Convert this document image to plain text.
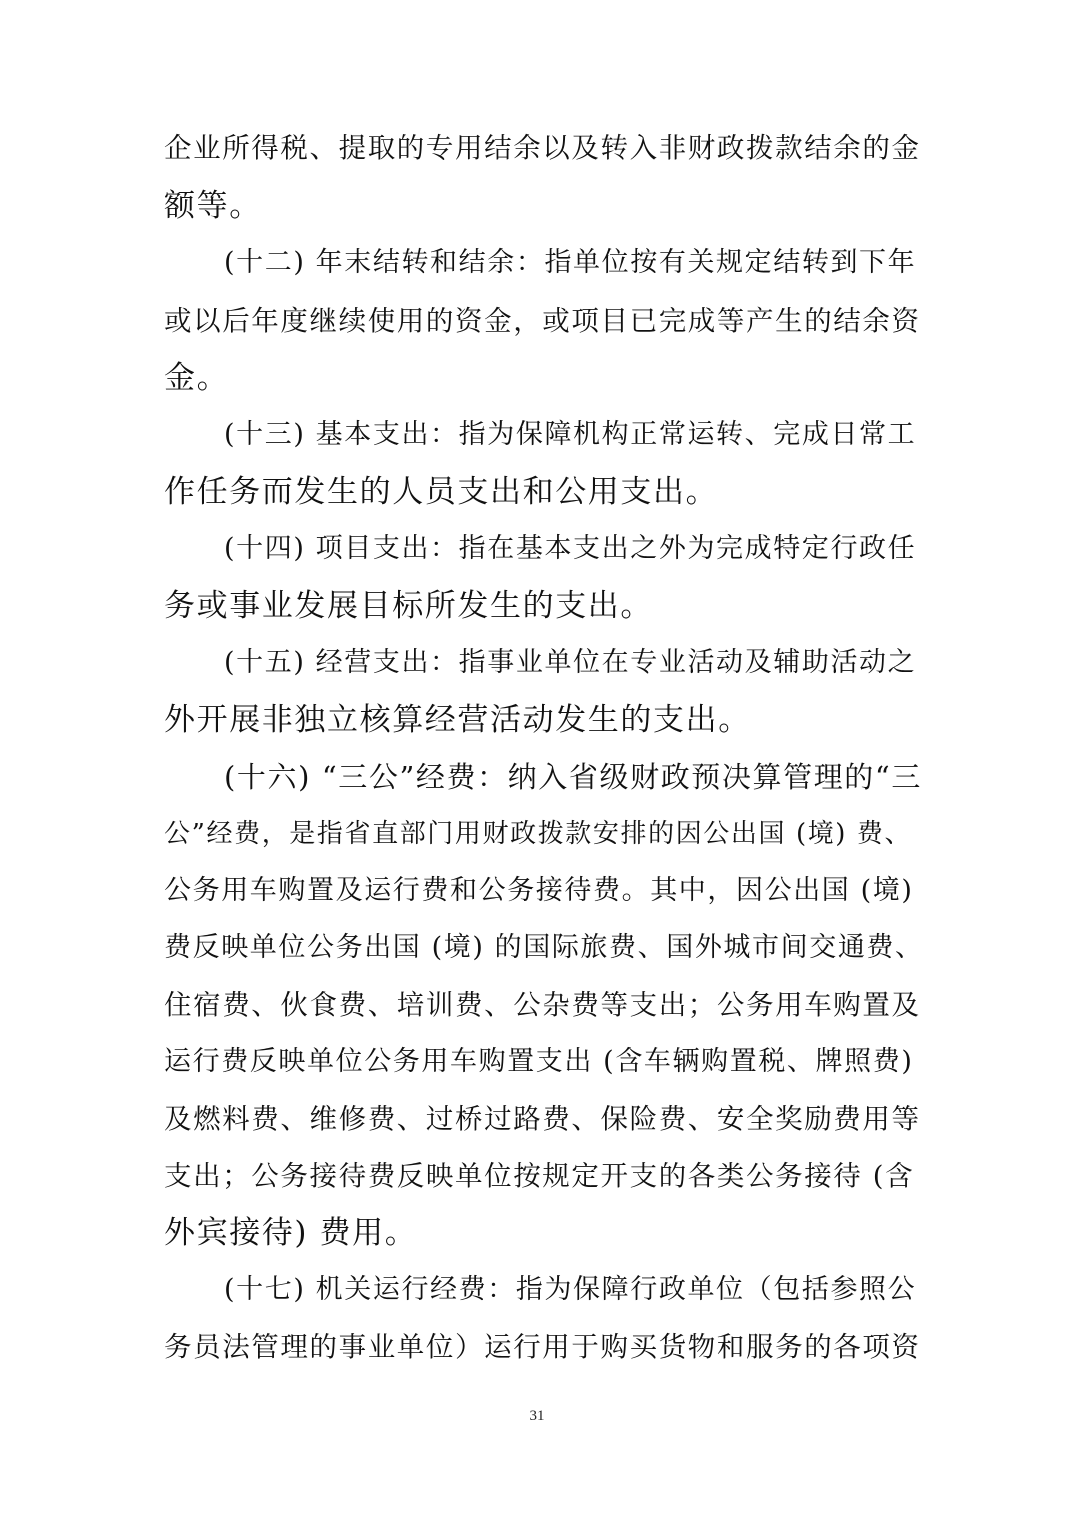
企业所得税、提取的专用结余以及转入非财政拨款结余的金
额等。
(十二) 年末结转和结余：指单位按有关规定结转到下年
或以后年度继续使用的资金，或项目已完成等产生的结余资
金。
(十三) 基本支出：指为保障机构正常运转、完成日常工
作任务而发生的人员支出和公用支出。
(十四) 项目支出：指在基本支出之外为完成特定行政任
务或事业发展目标所发生的支出。
(十五) 经营支出：指事业单位在专业活动及辅助活动之
外开展非独立核算经营活动发生的支出。
(十六) “三公”经费：纳入省级财政预决算管理的“三
公”经费，是指省直部门用财政拨款安排的因公出国 (境) 费、
公务用车购置及运行费和公务接待费。其中，因公出国 (境)
费反映单位公务出国 (境) 的国际旅费、国外城市间交通费、
住宿费、伙食费、培训费、公杂费等支出；公务用车购置及
运行费反映单位公务用车购置支出 (含车辆购置税、牌照费)
及燃料费、维修费、过桥过路费、保险费、安全奖励费用等
支出；公务接待费反映单位按规定开支的各类公务接待 (含
外宾接待) 费用。
(十七) 机关运行经费：指为保障行政单位（包括参照公
务员法管理的事业单位）运行用于购买货物和服务的各项资
31
